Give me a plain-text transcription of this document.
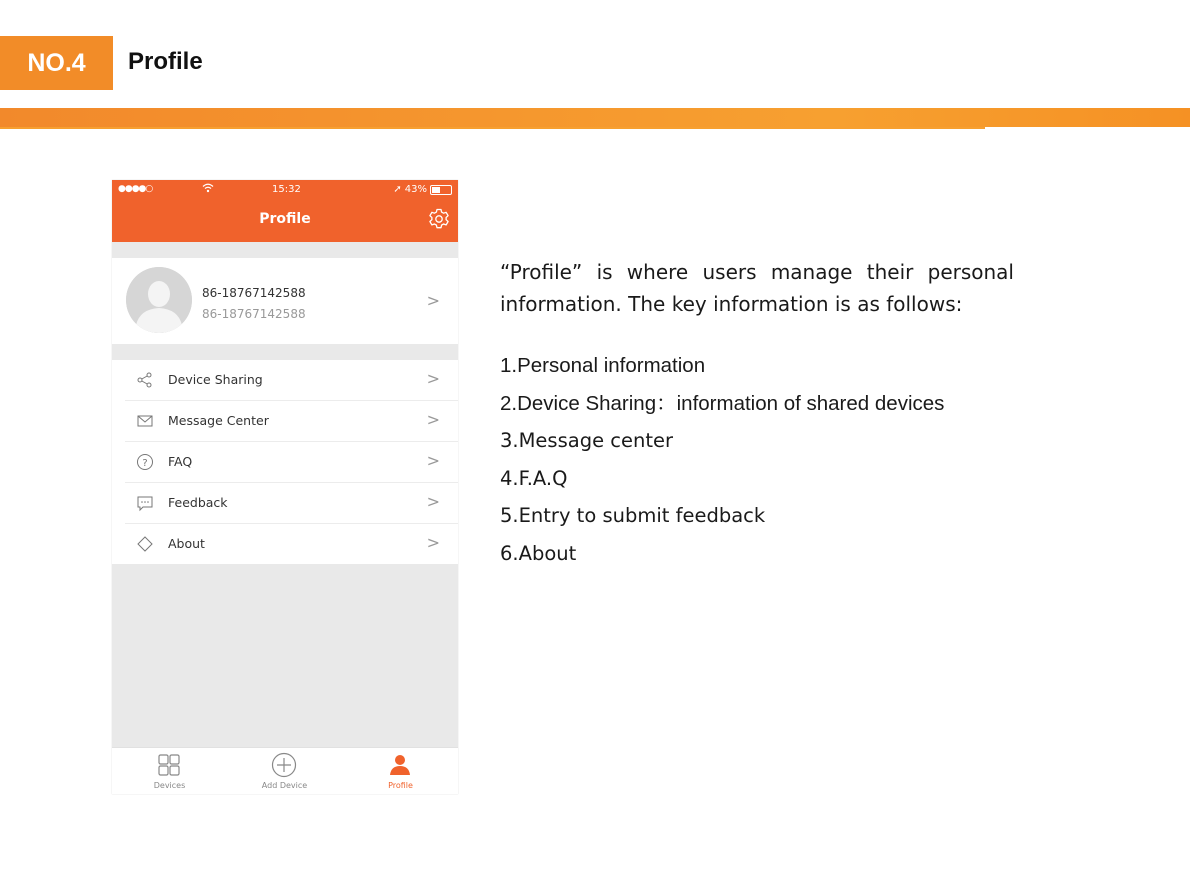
NO.4	Profile
●●●●○	15:32	➚ 43%
Profile
86-18767142588
86-18767142588
>
Device Sharing	>
Message Center	>
? FAQ	>
Feedback	>
About	>
Devices	Add Device	Profile
“Profile” is where users manage their personal information. The key information is as follows:
1.Personal information
2.Device Sharing：information of shared devices
3.Message center
4.F.A.Q
5.Entry to submit feedback
6.About
